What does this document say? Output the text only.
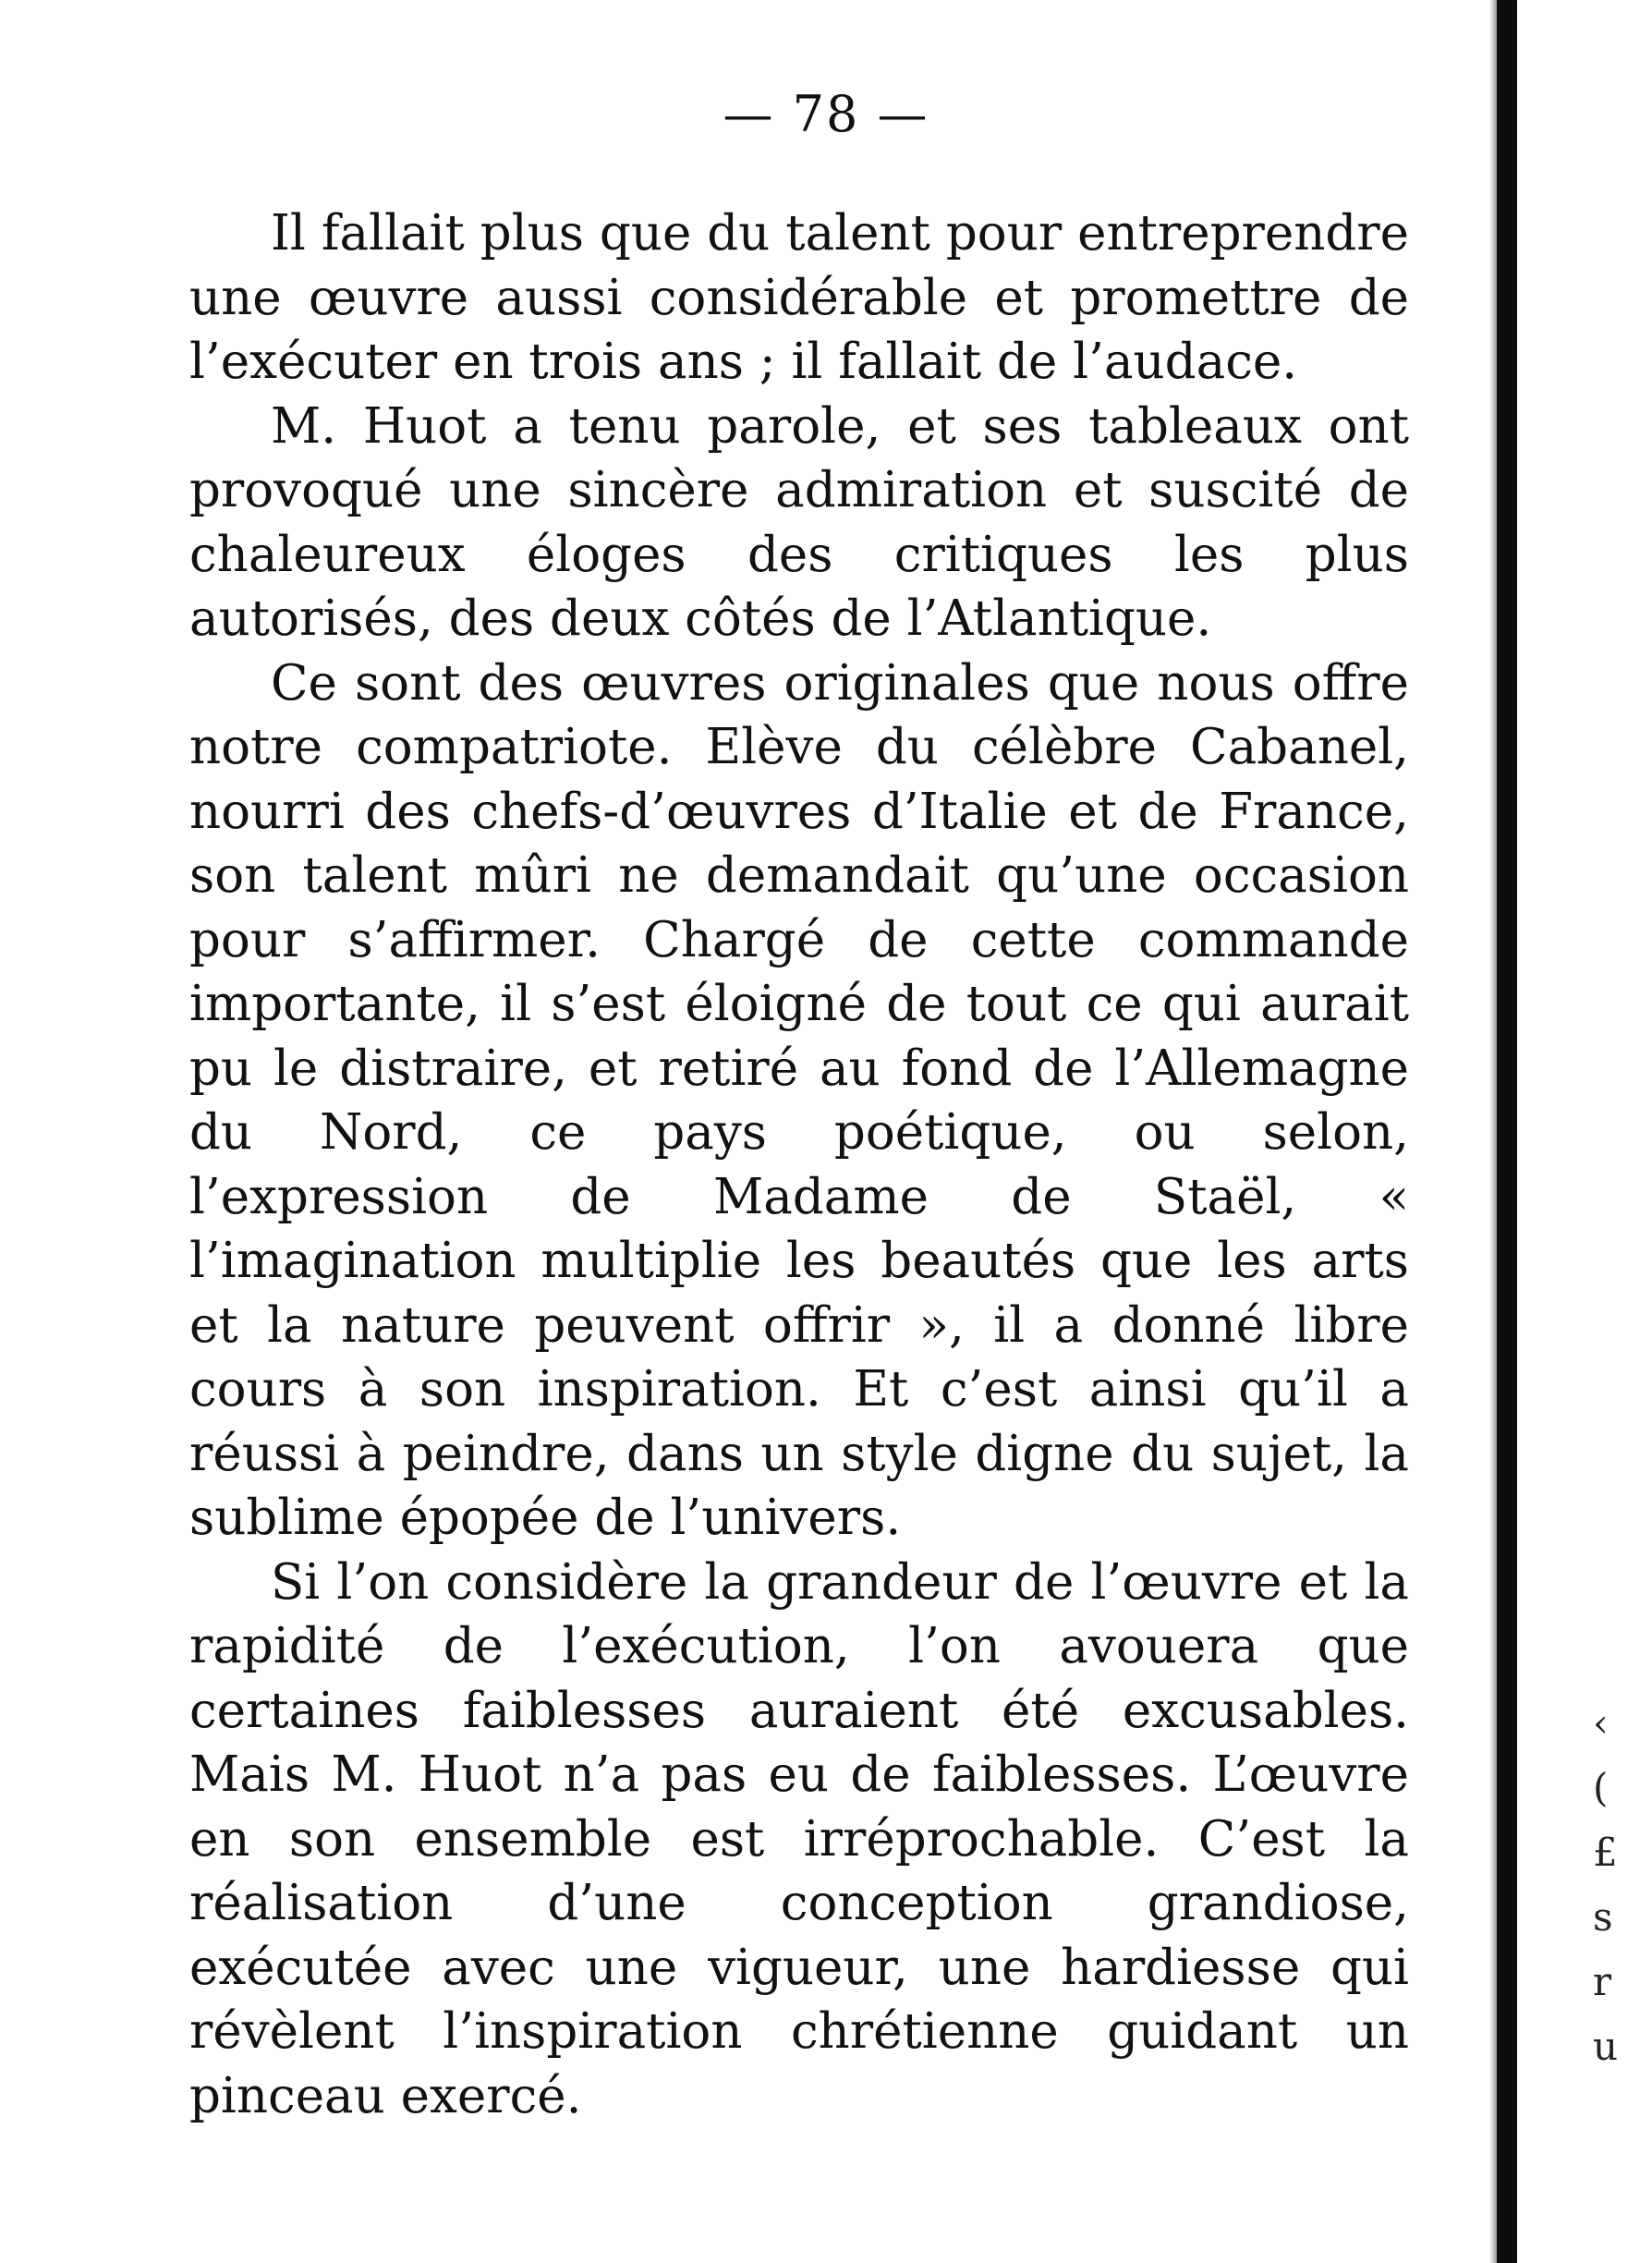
— 78 —

Il fallait plus que du talent pour entreprendre une œuvre aussi considérable et promettre de l’exécuter en trois ans ; il fallait de l’audace.

M. Huot a tenu parole, et ses tableaux ont provoqué une sincère admiration et suscité de chaleureux éloges des critiques les plus autorisés, des deux côtés de l’Atlantique.

Ce sont des œuvres originales que nous offre notre compatriote. Elève du célèbre Cabanel, nourri des chefs-d’œuvres d’Italie et de France, son talent mûri ne demandait qu’une occasion pour s’affirmer. Chargé de cette commande importante, il s’est éloigné de tout ce qui aurait pu le distraire, et retiré au fond de l’Allemagne du Nord, ce pays poétique, ou selon, l’expression de Madame de Staël, « l’imagination multiplie les beautés que les arts et la nature peuvent offrir », il a donné libre cours à son inspiration. Et c’est ainsi qu’il a réussi à peindre, dans un style digne du sujet, la sublime épopée de l’univers.

Si l’on considère la grandeur de l’œuvre et la rapidité de l’exécution, l’on avouera que certaines faiblesses auraient été excusables. Mais M. Huot n’a pas eu de faiblesses. L’œuvre en son ensemble est irréprochable. C’est la réalisation d’une conception grandiose, exécutée avec une vigueur, une hardiesse qui révèlent l’inspiration chrétienne guidant un pinceau exercé.

‹
(
£
s
r
u
